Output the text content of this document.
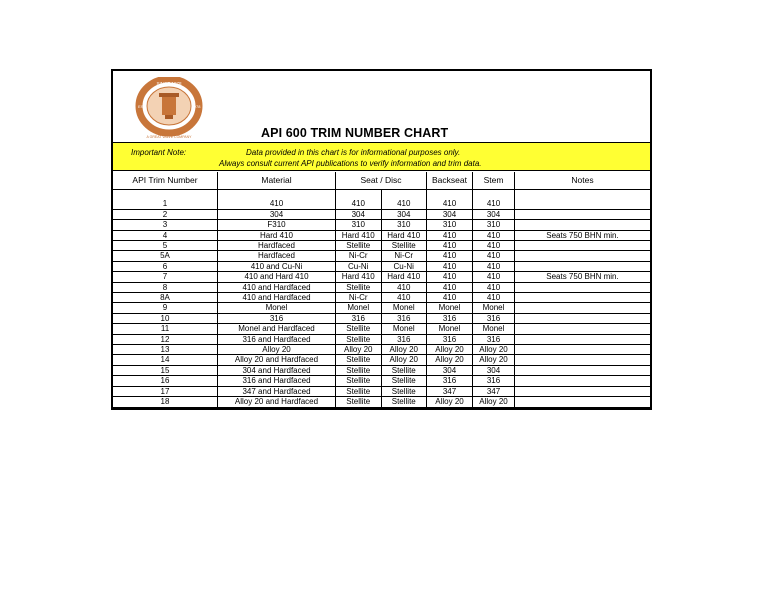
SINCE 1978
EST	1978
A GREAT VALVE COMPANY	API 600 TRIM NUMBER CHART
Important Note:	Data provided in this chart is for informational purposes only.
Always consult current API publications to verify information and trim data.
API Trim Number	Material	Seat / Disc		Backseat	Stem	Notes

1	410	410	410	410	410	
2	304	304	304	304	304	
3	F310	310	310	310	310	
4	Hard 410	Hard 410	Hard 410	410	410	Seats 750 BHN min.
5	Hardfaced	Stellite	Stellite	410	410	
5A	Hardfaced	Ni-Cr	Ni-Cr	410	410	
6	410 and Cu-Ni	Cu-Ni	Cu-Ni	410	410	
7	410 and Hard 410	Hard 410	Hard 410	410	410	Seats 750 BHN min.
8	410 and Hardfaced	Stellite	410	410	410	
8A	410 and Hardfaced	Ni-Cr	410	410	410	
9	Monel	Monel	Monel	Monel	Monel	
10	316	316	316	316	316	
11	Monel and Hardfaced	Stellite	Monel	Monel	Monel	
12	316 and Hardfaced	Stellite	316	316	316	
13	Alloy 20	Alloy 20	Alloy 20	Alloy 20	Alloy 20	
14	Alloy 20 and Hardfaced	Stellite	Alloy 20	Alloy 20	Alloy 20	
15	304 and Hardfaced	Stellite	Stellite	304	304	
16	316 and Hardfaced	Stellite	Stellite	316	316	
17	347 and Hardfaced	Stellite	Stellite	347	347	
18	Alloy 20 and Hardfaced	Stellite	Stellite	Alloy 20	Alloy 20	
